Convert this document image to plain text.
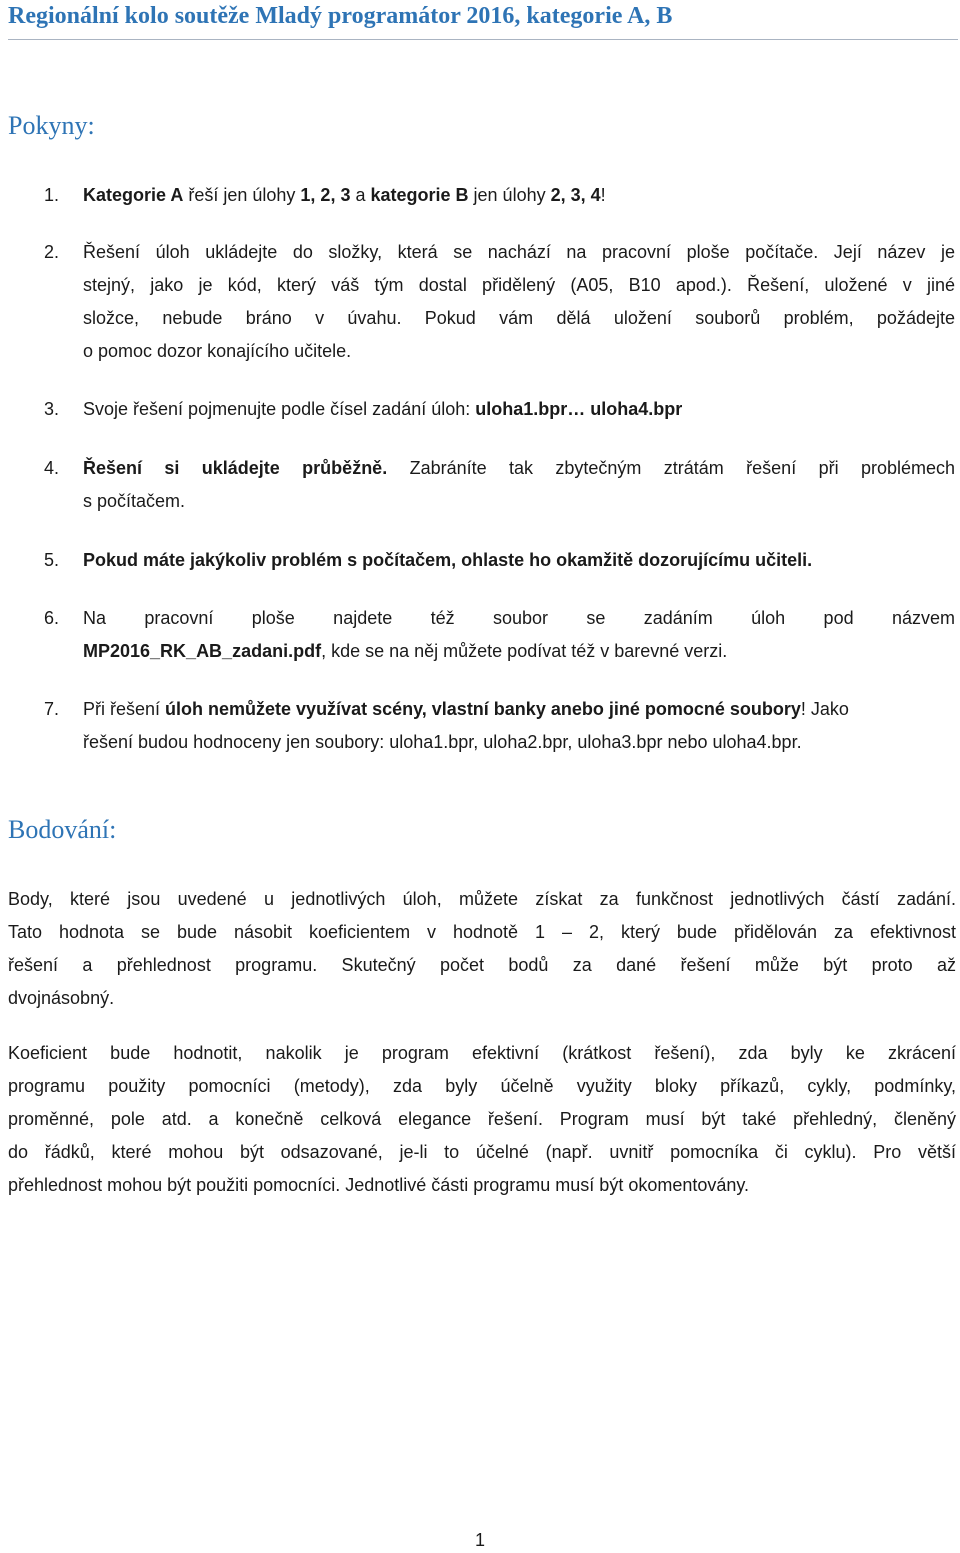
Regionální kolo soutěže Mladý programátor 2016, kategorie A, B
Pokyny:
1. Kategorie A řeší jen úlohy 1, 2, 3 a kategorie B jen úlohy 2, 3, 4!
2. Řešení úloh ukládejte do složky, která se nachází na pracovní ploše počítače. Její název je
stejný, jako je kód, který váš tým dostal přidělený (A05, B10 apod.). Řešení, uložené v jiné
složce, nebude bráno v úvahu. Pokud vám dělá uložení souborů problém, požádejte
o pomoc dozor konajícího učitele.
3. Svoje řešení pojmenujte podle čísel zadání úloh: uloha1.bpr… uloha4.bpr
4. Řešení si ukládejte průběžně. Zabráníte tak zbytečným ztrátám řešení při problémech
s počítačem.
5. Pokud máte jakýkoliv problém s počítačem, ohlaste ho okamžitě dozorujícímu učiteli.
6. Na pracovní ploše najdete též soubor se zadáním úloh pod názvem
MP2016_RK_AB_zadani.pdf, kde se na něj můžete podívat též v barevné verzi.
7. Při řešení úloh nemůžete využívat scény, vlastní banky anebo jiné pomocné soubory! Jako
řešení budou hodnoceny jen soubory: uloha1.bpr, uloha2.bpr, uloha3.bpr nebo uloha4.bpr.
Bodování:
Body, které jsou uvedené u jednotlivých úloh, můžete získat za funkčnost jednotlivých částí zadání.
Tato hodnota se bude násobit koeficientem v hodnotě 1 – 2, který bude přidělován za efektivnost
řešení a přehlednost programu. Skutečný počet bodů za dané řešení může být proto až
dvojnásobný.
Koeficient bude hodnotit, nakolik je program efektivní (krátkost řešení), zda byly ke zkrácení
programu použity pomocníci (metody), zda byly účelně využity bloky příkazů, cykly, podmínky,
proměnné, pole atd. a konečně celková elegance řešení. Program musí být také přehledný, členěný
do řádků, které mohou být odsazované, je-li to účelné (např. uvnitř pomocníka či cyklu). Pro větší
přehlednost mohou být použiti pomocníci. Jednotlivé části programu musí být okomentovány.
1
